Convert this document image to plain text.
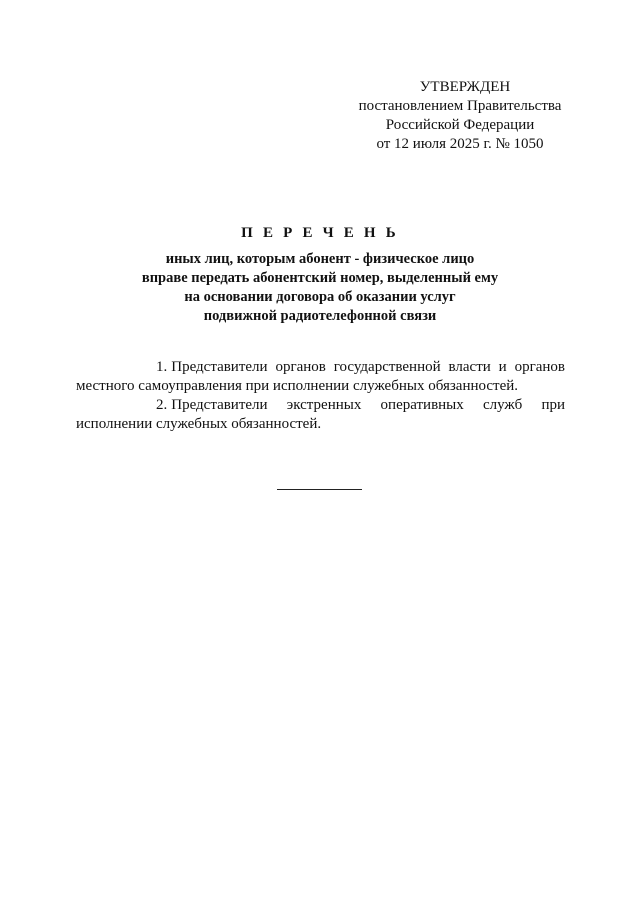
УТВЕРЖДЕН
постановлением Правительства
Российской Федерации
от 12 июля 2025 г. № 1050
П Е Р Е Ч Е Н Ь
иных лиц, которым абонент - физическое лицо
вправе передать абонентский номер, выделенный ему
на основании договора об оказании услуг
подвижной радиотелефонной связи

1. Представители органов государственной власти и органов местного самоуправления при исполнении служебных обязанностей.

2. Представители экстренных оперативных служб при исполнении служебных обязанностей.
